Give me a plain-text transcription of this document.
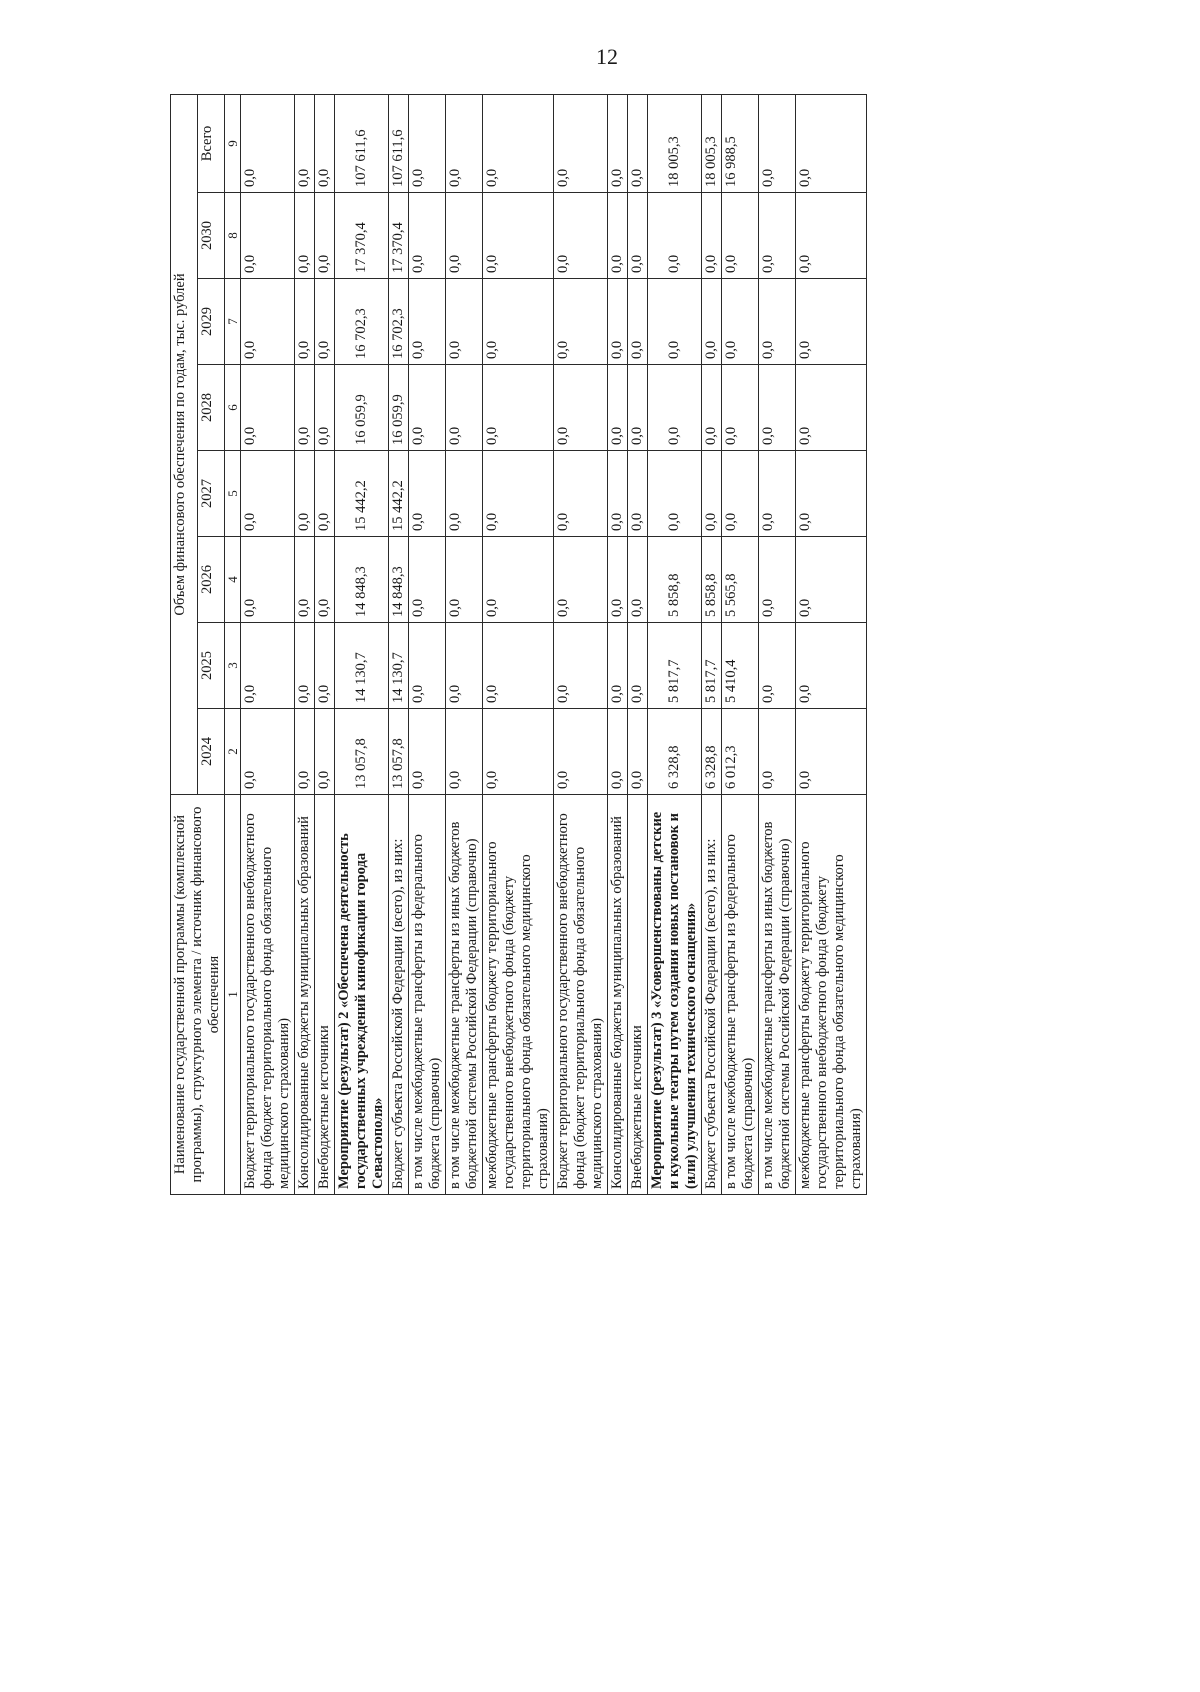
12
Наименование государственной программы (комплексной программы), структурного элемента / источник финансового обеспечения	Объем финансового обеспечения по годам, тыс. рублей							
	2024	2025	2026	2027	2028	2029	2030	Всего
1	2	3	4	5	6	7	8	9
Бюджет территориального государственного внебюджетного фонда (бюджет территориального фонда обязательного медицинского страхования)	0,0	0,0	0,0	0,0	0,0	0,0	0,0	0,0
Консолидированные бюджеты муниципальных образований	0,0	0,0	0,0	0,0	0,0	0,0	0,0	0,0
Внебюджетные источники	0,0	0,0	0,0	0,0	0,0	0,0	0,0	0,0
Мероприятие (результат) 2 «Обеспечена деятельность государственных учреждений кинофикации города Севастополя»	13 057,8	14 130,7	14 848,3	15 442,2	16 059,9	16 702,3	17 370,4	107 611,6
Бюджет субъекта Российской Федерации (всего), из них:	13 057,8	14 130,7	14 848,3	15 442,2	16 059,9	16 702,3	17 370,4	107 611,6
в том числе межбюджетные трансферты из федерального бюджета (справочно)	0,0	0,0	0,0	0,0	0,0	0,0	0,0	0,0
в том числе межбюджетные трансферты из иных бюджетов бюджетной системы Российской Федерации (справочно)	0,0	0,0	0,0	0,0	0,0	0,0	0,0	0,0
межбюджетные трансферты бюджету территориального государственного внебюджетного фонда (бюджету территориального фонда обязательного медицинского страхования)	0,0	0,0	0,0	0,0	0,0	0,0	0,0	0,0
Бюджет территориального государственного внебюджетного фонда (бюджет территориального фонда обязательного медицинского страхования)	0,0	0,0	0,0	0,0	0,0	0,0	0,0	0,0
Консолидированные бюджеты муниципальных образований	0,0	0,0	0,0	0,0	0,0	0,0	0,0	0,0
Внебюджетные источники	0,0	0,0	0,0	0,0	0,0	0,0	0,0	0,0
Мероприятие (результат) 3 «Усовершенствованы детские и кукольные театры путем создания новых постановок и (или) улучшения технического оснащения»	6 328,8	5 817,7	5 858,8	0,0	0,0	0,0	0,0	18 005,3
Бюджет субъекта Российской Федерации (всего), из них:	6 328,8	5 817,7	5 858,8	0,0	0,0	0,0	0,0	18 005,3
в том числе межбюджетные трансферты из федерального бюджета (справочно)	6 012,3	5 410,4	5 565,8	0,0	0,0	0,0	0,0	16 988,5
в том числе межбюджетные трансферты из иных бюджетов бюджетной системы Российской Федерации (справочно)	0,0	0,0	0,0	0,0	0,0	0,0	0,0	0,0
межбюджетные трансферты бюджету территориального государственного внебюджетного фонда (бюджету территориального фонда обязательного медицинского страхования)	0,0	0,0	0,0	0,0	0,0	0,0	0,0	0,0
